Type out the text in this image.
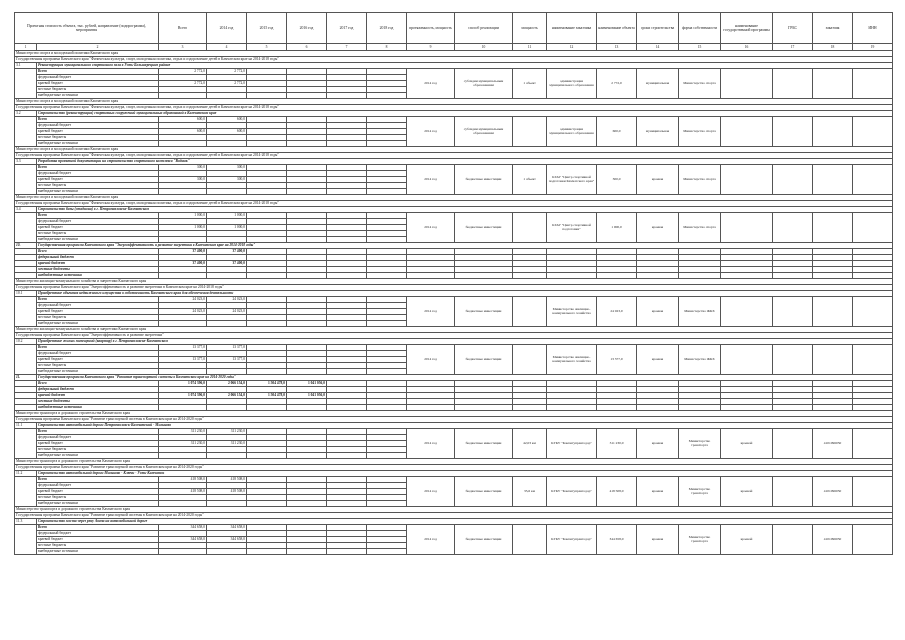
Проектная стоимость объекта, тыс. рублей, направление (подпрограмма), мероприятия		Всего	2014 год	2015 год	2016 год	2017 год	2018 год	протяженность, мощность	способ реализации	мощность	наименование заказчика	наименование объекта	сроки строительства	форма собственности	наименование государственной программы	ГРБС	заказчик	ИНН
1	2	3	4	5	6	7	8	9	10	11	12	13	14	15	16	17	18	19
Министерство спорта и молодежной политики Камчатского края																		
Государственная программа Камчатского края "Физическая культура, спорт, молодежная политика, отдых и оздоровление детей в Камчатском крае на 2014-2018 годы"																		
3.1	Реконструкция муниципального спортивного зала в Усть-Большерецком районе																	
	Всего	2 772,0	2 772,0					2014 год	субсидии муниципальным образованиям	1 объект	администрация муниципального образования	2 772,0	муниципальная	Министерство спорта				
	федеральный бюджет																	
	краевой бюджет	2 772,0	2 772,0															
	местные бюджеты																	
	внебюджетные источники																	
Министерство спорта и молодежной политики Камчатского края																		
Государственная программа Камчатского края "Физическая культура, спорт, молодежная политика, отдых и оздоровление детей в Камчатском крае на 2014-2018 годы"																		
3.2	Строительство (реконструкция) спортивных сооружений муниципальных образований в Камчатском крае																	
	Всего	600,0	600,0					2014 год	субсидии муниципальным образованиям		администрация муниципального образования	600,0	муниципальная	Министерство спорта				
	федеральный бюджет																	
	краевой бюджет	600,0	600,0															
	местные бюджеты																	
	внебюджетные источники																	
Министерство спорта и молодежной политики Камчатского края																		
Государственная программа Камчатского края "Физическая культура, спорт, молодежная политика, отдых и оздоровление детей в Камчатском крае на 2014-2018 годы"																		
3.3	Разработка проектной документации на строительство спортивного комплекса "Водник"																	
	Всего	300,0	300,0					2014 год	бюджетные инвестиции	1 объект	КГАУ "Центр спортивной подготовки Камчатского края"	300,0	краевая	Министерство спорта				
	федеральный бюджет																	
	краевой бюджет	300,0	300,0															
	местные бюджеты																	
	внебюджетные источники																	
Министерство спорта и молодежной политики Камчатского края																		
Государственная программа Камчатского края "Физическая культура, спорт, молодежная политика, отдых и оздоровление детей в Камчатском крае на 2014-2018 годы"																		
3.4	Строительство базы (стадиона) в г. Петропавловске-Камчатском																	
	Всего	1 000,0	1 000,0					2014 год	бюджетные инвестиции		КГАУ "Центр спортивной подготовки"	1 000,0	краевая	Министерство спорта				
	федеральный бюджет																	
	краевой бюджет	1 000,0	1 000,0															
	местные бюджеты																	
	внебюджетные источники																	
10.	Государственная программа Камчатского края "Энергоэффективность и развитие энергетики в Камчатском крае на 2014-2018 годы"																	
	Всего	37 400,0	37 400,0															
	федеральный бюджет																	
	краевой бюджет	37 400,0	37 400,0															
	местные бюджеты																	
	внебюджетные источники																	
Министерство жилищно-коммунального хозяйства и энергетики Камчатского края																		
Государственная программа Камчатского края "Энергоэффективность и развитие энергетики в Камчатском крае на 2014-2018 годы"																		
10.1	Приобретение объектов недвижимого имущества в собственность Камчатского края для обеспечения деятельности																	
	Всего	24 023,0	24 023,0					2014 год	бюджетные инвестиции		Министерство жилищно-коммунального хозяйства	24 023,0	краевая	Министерство ЖКХ				
	федеральный бюджет																	
	краевой бюджет	24 023,0	24 023,0															
	местные бюджеты																	
	внебюджетные источники																	
Министерство жилищно-коммунального хозяйства и энергетики Камчатского края																		
Государственная программа Камчатского края "Энергоэффективность и развитие энергетики"																		
10.2	Приобретение жилых помещений (квартир) в г. Петропавловске-Камчатском																	
	Всего	13 377,0	13 377,0					2014 год	бюджетные инвестиции		Министерство жилищно-коммунального хозяйства	13 377,0	краевая	Министерство ЖКХ				
	федеральный бюджет																	
	краевой бюджет	13 377,0	13 377,0															
	местные бюджеты																	
	внебюджетные источники																	
11.	Государственная программа Камчатского края "Развитие транспортной системы в Камчатском крае на 2014-2020 годы"																	
	Всего	1 074 396,0	2 066 154,0	1 504 478,0	1 041 056,0													
	федеральный бюджет																	
	краевой бюджет	1 074 396,0	2 066 154,0	1 504 478,0	1 041 056,0													
	местные бюджеты																	
	внебюджетные источники																	
Министерство транспорта и дорожного строительства Камчатского края																		
Государственная программа Камчатского края "Развитие транспортной системы в Камчатском крае на 2014-2020 годы"																		
11.1	Строительство автомобильной дороги Петропавловск-Камчатский - Мильково																	
	Всего	311 230,0	311 230,0					2014 год	бюджетные инвестиции	42,03 км	КГКУ "Камчатуправтодор"	311 230,0	краевая	Министерство транспорта	краевой		4101096050	
	федеральный бюджет																	
	краевой бюджет	311 230,0	311 230,0															
	местные бюджеты																	
	внебюджетные источники																	
Министерство транспорта и дорожного строительства Камчатского края																		
Государственная программа Камчатского края "Развитие транспортной системы в Камчатском крае на 2014-2020 годы"																		
11.2	Строительство автомобильной дороги Мильково - Ключи - Усть-Камчатск																	
	Всего	418 508,0	418 508,0					2014 год	бюджетные инвестиции	35,6 км	КГКУ "Камчатуправтодор"	418 508,0	краевая	Министерство транспорта	краевой		4101096050	
	федеральный бюджет																	
	краевой бюджет	418 508,0	418 508,0															
	местные бюджеты																	
	внебюджетные источники																	
Министерство транспорта и дорожного строительства Камчатского края																		
Государственная программа Камчатского края "Развитие транспортной системы в Камчатском крае на 2014-2020 годы"																		
11.3	Строительство моста через реку Авача на автомобильной дороге																	
	Всего	344 658,0	344 658,0					2014 год	бюджетные инвестиции		КГКУ "Камчатуправтодор"	344 658,0	краевая	Министерство транспорта	краевой		4101096050	
	федеральный бюджет																	
	краевой бюджет	344 658,0	344 658,0															
	местные бюджеты																	
	внебюджетные источники																	
